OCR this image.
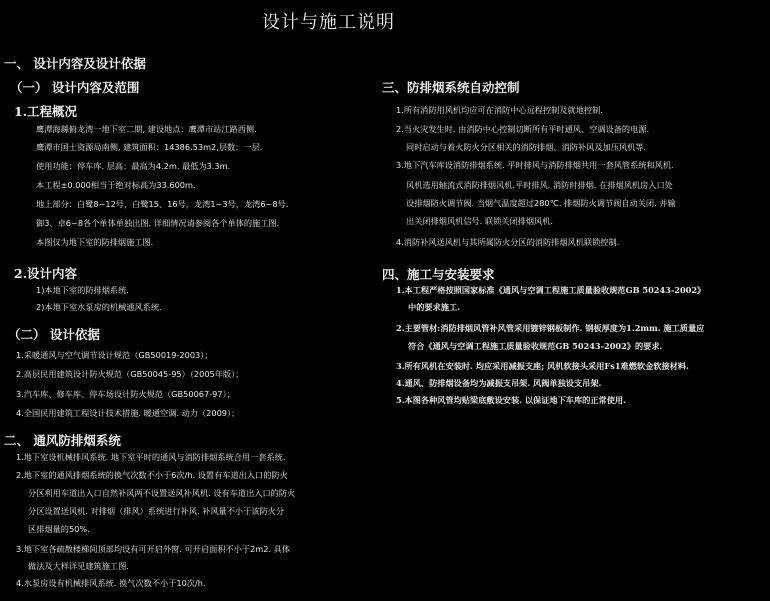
设计与施工说明
一、 设计内容及设计依据
（一） 设计内容及范围
1.工程概况
鹰潭海縣俯龙湾一地下室二期, 建设地点：鹰潭市站江路西侧.
鹰潭市国土资源局南侧, 建筑面积：14386.53m2,层数：一层.
使用功能：停车库. 层高：最高为4.2m. 最低为3.3m.
本工程±0.000相当于绝对标高为33.600m.
地上部分：白鹭8~12号，白鹭15、16号，龙湾1~3号，龙湾6~8号.
御3、卓6~8各个单体单独出图. 详细情况请参阅各个单体的施工图.
本图仅为地下室的防排烟施工图.
2.设计内容
1)本地下室的防排烟系统.
2)本地下室水泵房的机械通风系统.
（二） 设计依据
1.采暖通风与空气调节设计规范（GB50019-2003）；
2.高层民用建筑设计防火规范（GB50045-95）（2005年版）；
3.汽车库、修车库、停车场设计防火规范（GB50067-97）；
4.全国民用建筑工程设计技术措施. 暖通空调. 动力（2009）；
二、 通风防排烟系统
1.地下室设机械排风系统. 地下室平时的通风与消防排烟系统合用一套系统.
2.地下室的通风排烟系统的换气次数不小于6次/h. 设置有车道出入口的防火
分区利用车道出入口自然补风两不设置送风补风机. 设有车道出入口的防火
分区设置送风机. 对排烟（排风）系统进行补风. 补风量不小于该防火分
区排烟量的50%.
3.地下室各疏散楼梯间顶部均设有可开启外窗. 可开启面积不小于2m2. 具体
做法及大样详见建筑施工图.
4.水泵房设有机械排风系统. 换气次数不小于10次/h.
三、防排烟系统自动控制
1.所有消防用风机均应可在消防中心远程控制及就地控制.
2.当火灾发生时. 由消防中心控制切断所有平时通风、空调设备的电源.
同时启动与着火防火分区相关的消防排烟、消防补风及加压风机等.
3.地下汽车库设消防排烟系统. 平时排风与消防排烟共用一套风管系统和风机.
风机选用轴流式消防排烟风机.平时排风. 消防时排烟. 在排烟风机房入口处
设排烟防火调节阀. 当烟气温度超过280℃. 排烟防火调节阀自动关闭. 并输
出关闭排烟风机信号. 联锁关闭排烟风机.
4.消防补风送风机与其所属防火分区的消防排烟风机联锁控制.
四、施工与安装要求
1.本工程严格按照国家标准《通风与空调工程施工质量验收规范GB 50243-2002》
中的要求施工.
2.主要管材:消防排烟风管补风管采用镀锌钢板制作. 钢板厚度为1.2mm. 施工质量应
符合《通风与空调工程施工质量验收规范GB 50243-2002》的要求.
3.所有风机在安装时. 均应采用减振支座; 风机软接头采用Fs1难燃软金软接材料.
4.通风、防排烟设备均为减振支吊架. 风阀单独设支吊架.
5.本图各种风管均贴梁底敷设安装. 以保证地下车库的正常使用.
